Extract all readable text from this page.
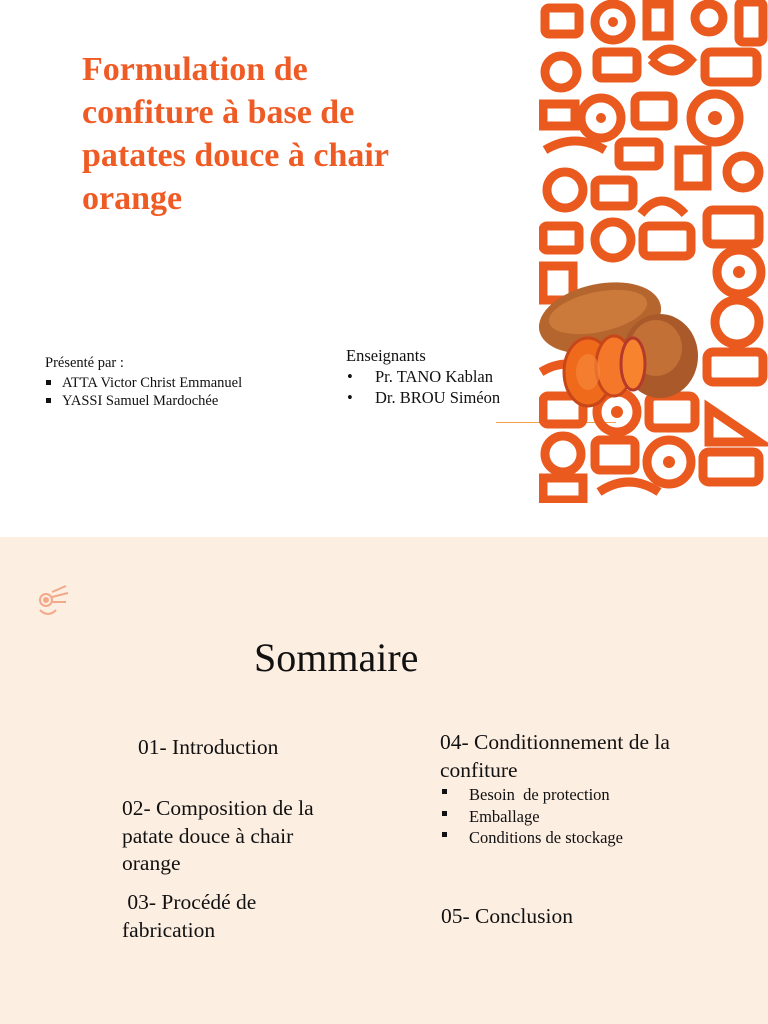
Formulation de confiture à base de patates douce à chair orange
Présenté par :
ATTA Victor Christ Emmanuel
YASSI Samuel Mardochée
Enseignants
• Pr. TANO Kablan
• Dr. BROU Siméon
Sommaire

01- Introduction

02- Composition de la patate douce à chair orange

03- Procédé de fabrication

04- Conditionnement de la confiture

Besoin  de protection
Emballage
Conditions de stockage

05- Conclusion
